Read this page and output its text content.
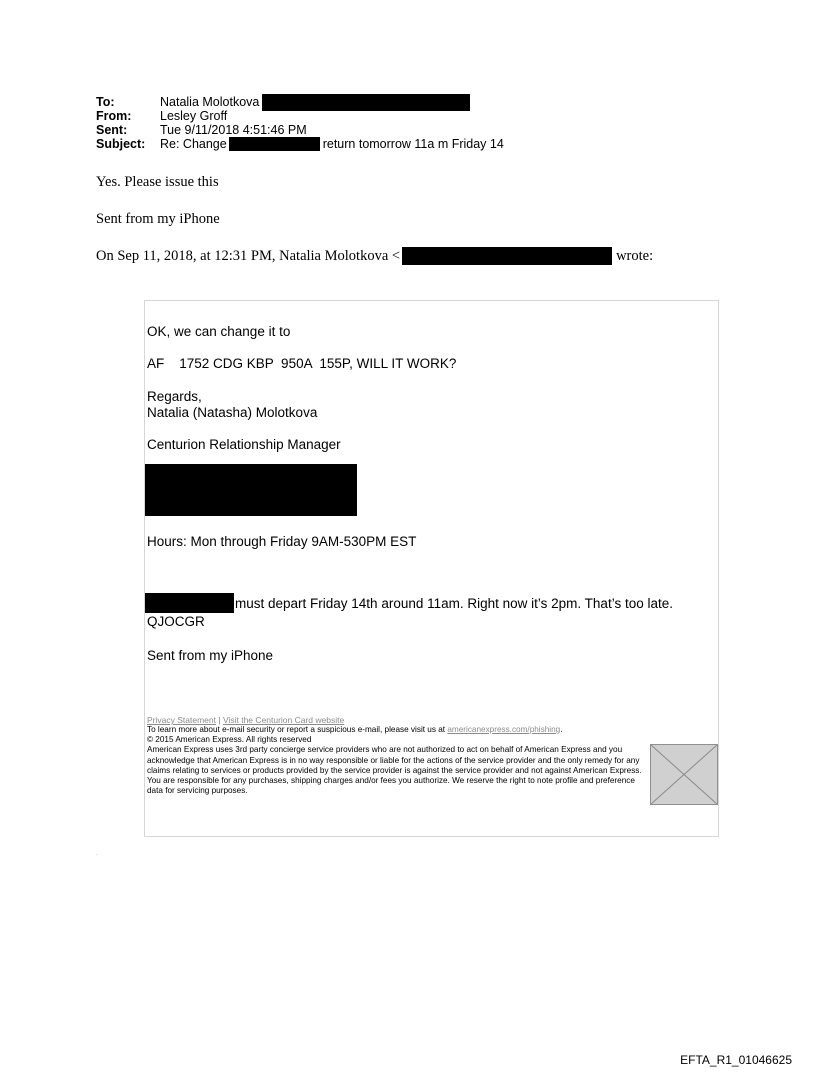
To:	Natalia Molotkova
From:	Lesley Groff
Sent:	Tue 9/11/2018 4:51:46 PM
Subject:	Re: Change	return tomorrow 11a m Friday 14
Yes. Please issue this
Sent from my iPhone
On Sep 11, 2018, at 12:31 PM, Natalia Molotkova <	wrote:
OK, we can change it to
AF    1752 CDG KBP  950A  155P, WILL IT WORK?
Regards,
Natalia (Natasha) Molotkova
Centurion Relationship Manager
Hours: Mon through Friday 9AM-530PM EST
must depart Friday 14th around 11am. Right now it’s 2pm. That’s too late.
QJOCGR
Sent from my iPhone
Privacy Statement | Visit the Centurion Card website
To learn more about e-mail security or report a suspicious e-mail, please visit us at americanexpress.com/phishing.
© 2015 American Express. All rights reserved
American Express uses 3rd party concierge service providers who are not authorized to act on behalf of American Express and you acknowledge that American Express is in no way responsible or liable for the actions of the service provider and the only remedy for any claims relating to services or products provided by the service provider is against the service provider and not against American Express. You are responsible for any purchases, shipping charges and/or fees you authorize. We reserve the right to note profile and preference data for servicing purposes.
·
EFTA_R1_01046625
